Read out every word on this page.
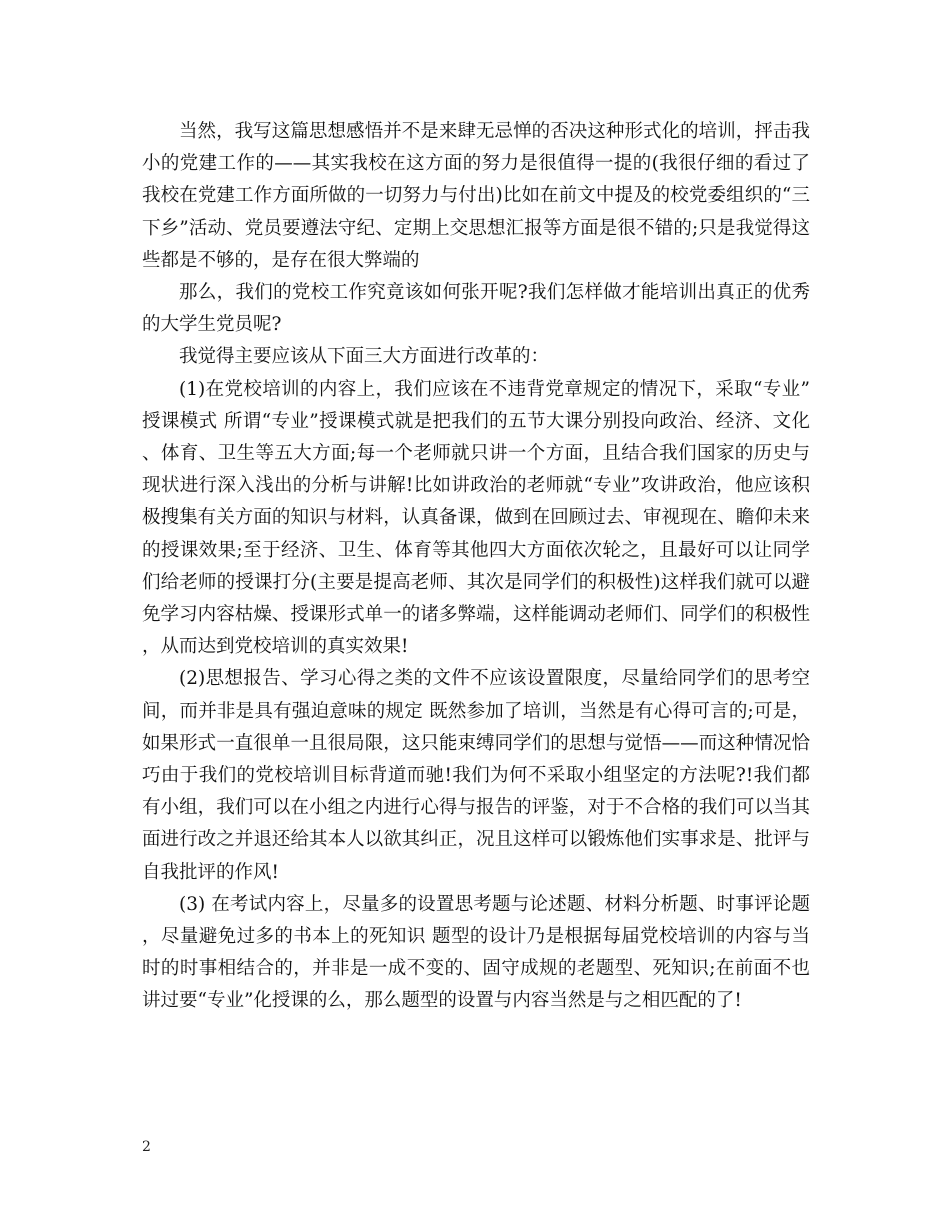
当然，我写这篇思想感悟并不是来肆无忌惮的否决这种形式化的培训，抨击我小的党建工作的——其实我校在这方面的努力是很值得一提的(我很仔细的看过了我校在党建工作方面所做的一切努力与付出)比如在前文中提及的校党委组织的“三下乡”活动、党员要遵法守纪、定期上交思想汇报等方面是很不错的;只是我觉得这些都是不够的，是存在很大弊端的

那么，我们的党校工作究竟该如何张开呢?我们怎样做才能培训出真正的优秀的大学生党员呢?

我觉得主要应该从下面三大方面进行改革的：

(1)在党校培训的内容上，我们应该在不违背党章规定的情况下，采取“专业”授课模式 所谓“专业”授课模式就是把我们的五节大课分别投向政治、经济、文化、体育、卫生等五大方面;每一个老师就只讲一个方面，且结合我们国家的历史与现状进行深入浅出的分析与讲解!比如讲政治的老师就“专业”攻讲政治，他应该积极搜集有关方面的知识与材料，认真备课，做到在回顾过去、审视现在、瞻仰未来的授课效果;至于经济、卫生、体育等其他四大方面依次轮之，且最好可以让同学们给老师的授课打分(主要是提高老师、其次是同学们的积极性)这样我们就可以避免学习内容枯燥、授课形式单一的诸多弊端，这样能调动老师们、同学们的积极性，从而达到党校培训的真实效果!

(2)思想报告、学习心得之类的文件不应该设置限度，尽量给同学们的思考空间，而并非是具有强迫意味的规定 既然参加了培训，当然是有心得可言的;可是，如果形式一直很单一且很局限，这只能束缚同学们的思想与觉悟——而这种情况恰巧由于我们的党校培训目标背道而驰!我们为何不采取小组坚定的方法呢?!我们都有小组，我们可以在小组之内进行心得与报告的评鉴，对于不合格的我们可以当其面进行改之并退还给其本人以欲其纠正，况且这样可以锻炼他们实事求是、批评与自我批评的作风!

(3) 在考试内容上，尽量多的设置思考题与论述题、材料分析题、时事评论题，尽量避免过多的书本上的死知识 题型的设计乃是根据每届党校培训的内容与当时的时事相结合的，并非是一成不变的、固守成规的老题型、死知识;在前面不也讲过要“专业”化授课的么，那么题型的设置与内容当然是与之相匹配的了!

2
